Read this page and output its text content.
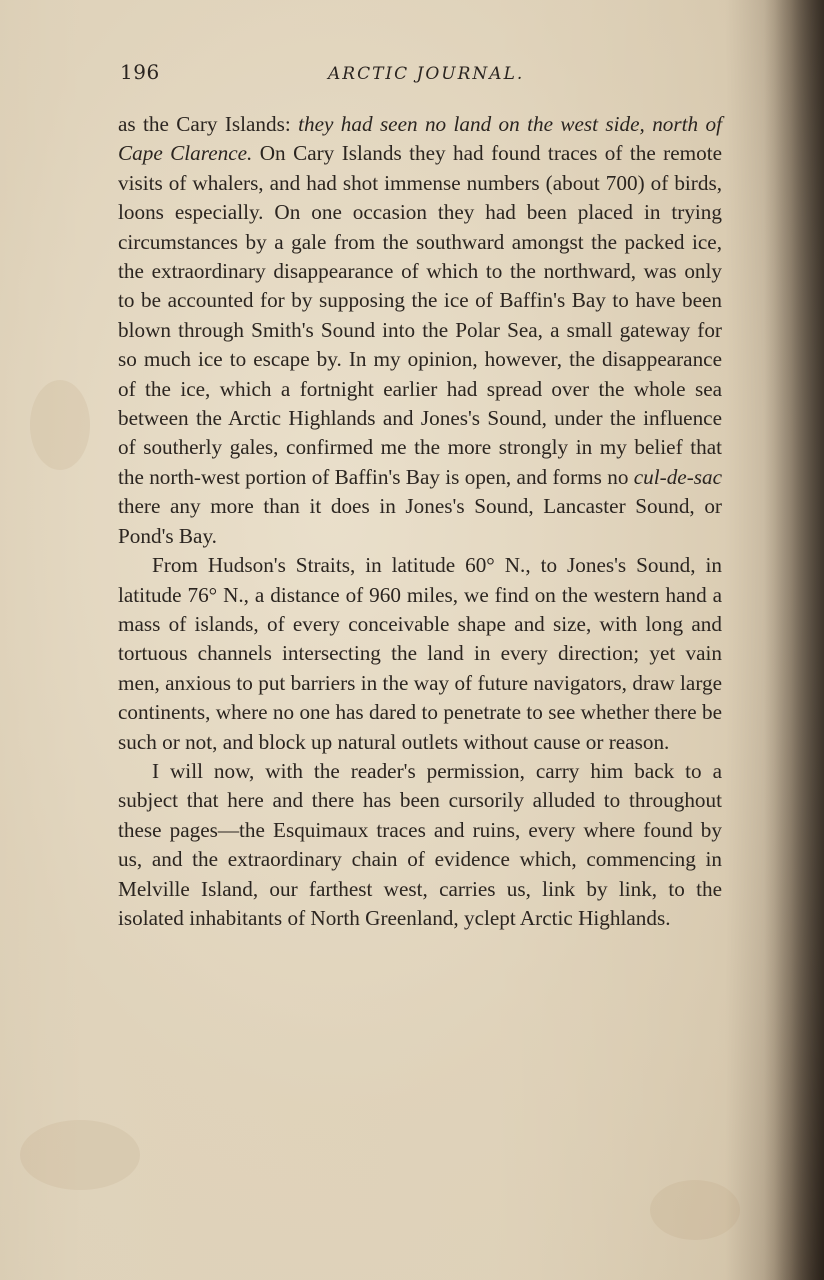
196	ARCTIC JOURNAL.

as the Cary Islands: they had seen no land on the west side, north of Cape Clarence. On Cary Islands they had found traces of the remote visits of whalers, and had shot immense numbers (about 700) of birds, loons especially. On one occasion they had been placed in trying circumstances by a gale from the southward amongst the packed ice, the extraordinary disappearance of which to the northward, was only to be accounted for by supposing the ice of Baffin's Bay to have been blown through Smith's Sound into the Polar Sea, a small gateway for so much ice to escape by. In my opinion, however, the disappearance of the ice, which a fortnight earlier had spread over the whole sea between the Arctic Highlands and Jones's Sound, under the influence of southerly gales, confirmed me the more strongly in my belief that the north-west portion of Baffin's Bay is open, and forms no cul-de-sac there any more than it does in Jones's Sound, Lancaster Sound, or Pond's Bay.

From Hudson's Straits, in latitude 60° N., to Jones's Sound, in latitude 76° N., a distance of 960 miles, we find on the western hand a mass of islands, of every conceivable shape and size, with long and tortuous channels intersecting the land in every direction; yet vain men, anxious to put barriers in the way of future navigators, draw large continents, where no one has dared to penetrate to see whether there be such or not, and block up natural outlets without cause or reason.

I will now, with the reader's permission, carry him back to a subject that here and there has been cursorily alluded to throughout these pages—the Esquimaux traces and ruins, every where found by us, and the extraordinary chain of evidence which, commencing in Melville Island, our farthest west, carries us, link by link, to the isolated inhabitants of North Greenland, yclept Arctic Highlands.
